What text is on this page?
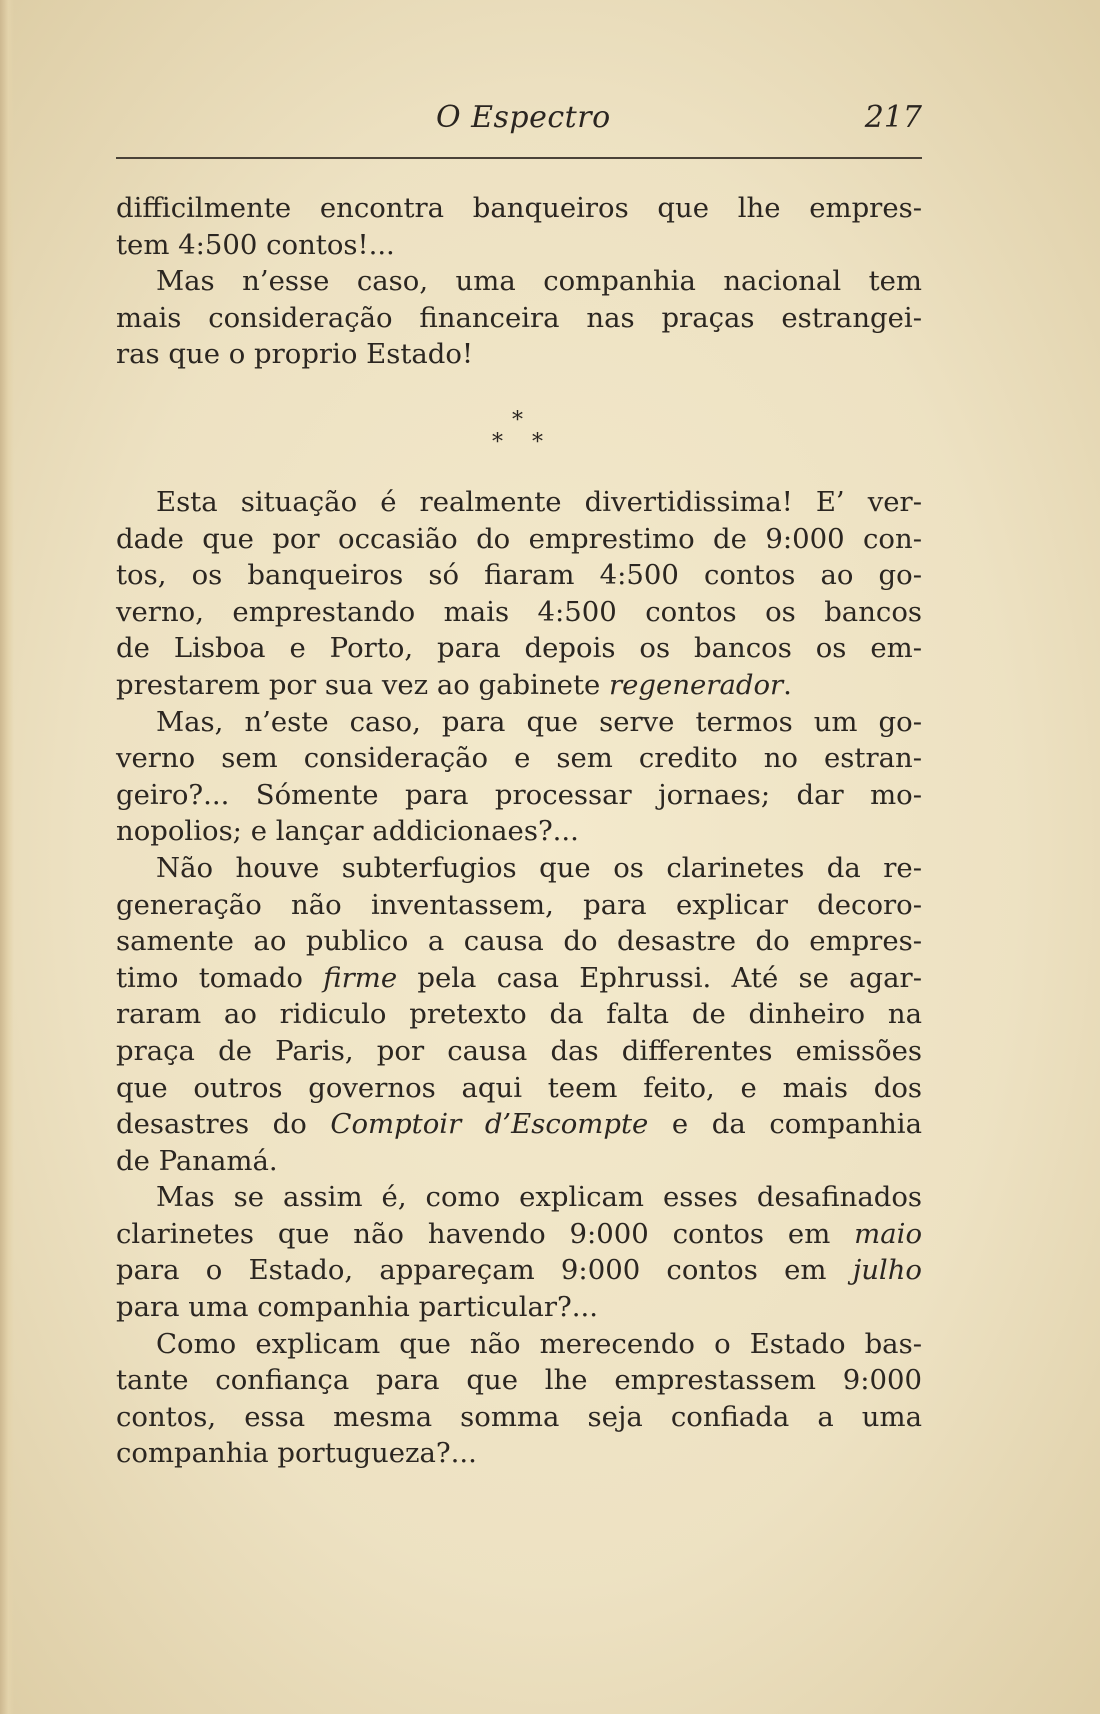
O Espectro	217
difficilmente encontra banqueiros que lhe empres-
tem 4:500 contos!...
Mas n’esse caso, uma companhia nacional tem
mais consideração financeira nas praças estrangei-
ras que o proprio Estado!
*
* *
Esta situação é realmente divertidissima! E’ ver-
dade que por occasião do emprestimo de 9:000 con-
tos, os banqueiros só fiaram 4:500 contos ao go-
verno, emprestando mais 4:500 contos os bancos
de Lisboa e Porto, para depois os bancos os em-
prestarem por sua vez ao gabinete regenerador.
Mas, n’este caso, para que serve termos um go-
verno sem consideração e sem credito no estran-
geiro?... Sómente para processar jornaes; dar mo-
nopolios; e lançar addicionaes?...
Não houve subterfugios que os clarinetes da re-
generação não inventassem, para explicar decoro-
samente ao publico a causa do desastre do empres-
timo tomado firme pela casa Ephrussi. Até se agar-
raram ao ridiculo pretexto da falta de dinheiro na
praça de Paris, por causa das differentes emissões
que outros governos aqui teem feito, e mais dos
desastres do Comptoir d’Escompte e da companhia
de Panamá.
Mas se assim é, como explicam esses desafinados
clarinetes que não havendo 9:000 contos em maio
para o Estado, appareçam 9:000 contos em julho
para uma companhia particular?...
Como explicam que não merecendo o Estado bas-
tante confiança para que lhe emprestassem 9:000
contos, essa mesma somma seja confiada a uma
companhia portugueza?...
